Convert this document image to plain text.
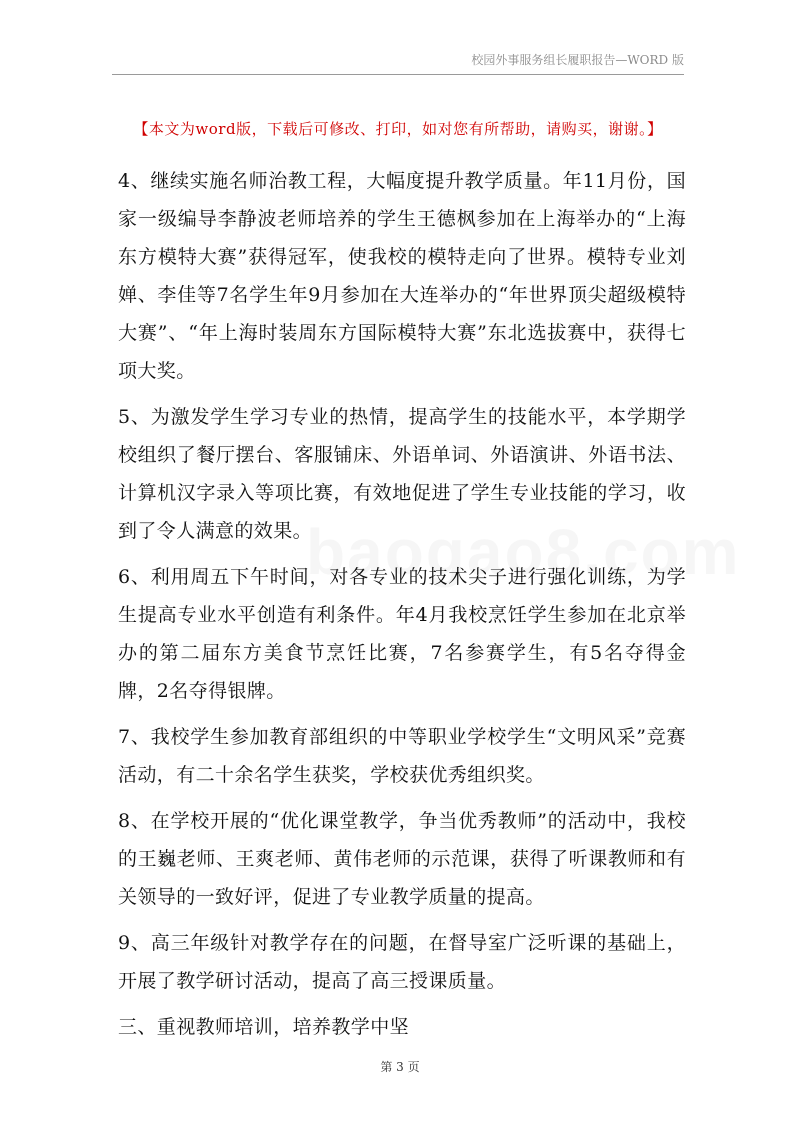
校园外事服务组长履职报告—WORD 版
【本文为word版，下载后可修改、打印，如对您有所帮助，请购买，谢谢。】

4、继续实施名师治教工程，大幅度提升教学质量。年11月份，国家一级编导李静波老师培养的学生王德枫参加在上海举办的“上海东方模特大赛”获得冠军，使我校的模特走向了世界。模特专业刘婵、李佳等7名学生年9月参加在大连举办的“年世界顶尖超级模特大赛”、“年上海时装周东方国际模特大赛”东北选拔赛中，获得七项大奖。

5、为激发学生学习专业的热情，提高学生的技能水平，本学期学校组织了餐厅摆台、客服铺床、外语单词、外语演讲、外语书法、计算机汉字录入等项比赛，有效地促进了学生专业技能的学习，收到了令人满意的效果。

6、利用周五下午时间，对各专业的技术尖子进行强化训练，为学生提高专业水平创造有利条件。年4月我校烹饪学生参加在北京举办的第二届东方美食节烹饪比赛，7名参赛学生，有5名夺得金牌，2名夺得银牌。

7、我校学生参加教育部组织的中等职业学校学生“文明风采”竞赛活动，有二十余名学生获奖，学校获优秀组织奖。

8、在学校开展的“优化课堂教学，争当优秀教师”的活动中，我校的王巍老师、王爽老师、黄伟老师的示范课，获得了听课教师和有关领导的一致好评，促进了专业教学质量的提高。

9、高三年级针对教学存在的问题，在督导室广泛听课的基础上，开展了教学研讨活动，提高了高三授课质量。

三、重视教师培训，培养教学中坚

第 3 页
